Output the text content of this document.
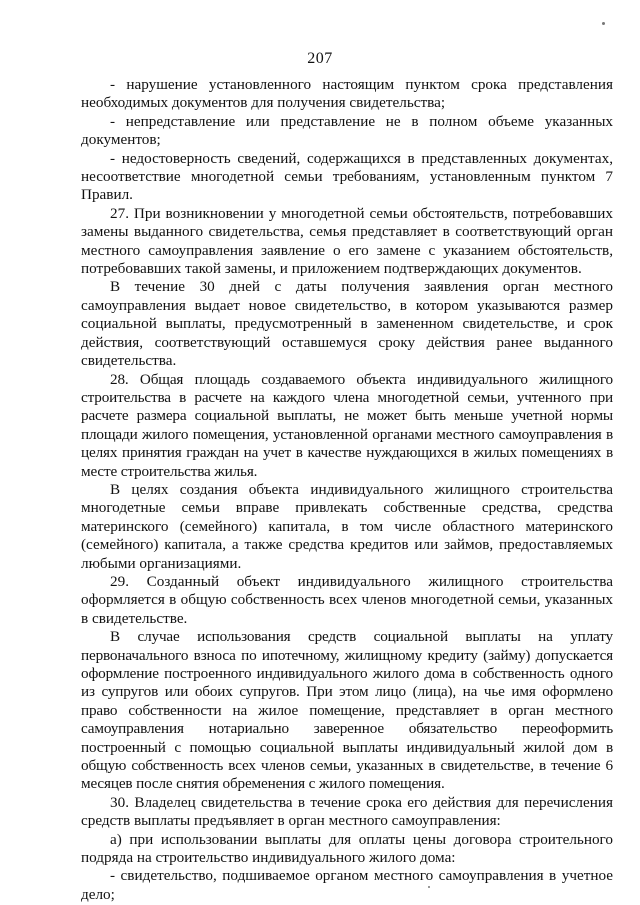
207

- нарушение установленного настоящим пунктом срока представления необходимых документов для получения свидетельства;

- непредставление или представление не в полном объеме указанных документов;

- недостоверность сведений, содержащихся в представленных документах, несоответствие многодетной семьи требованиям, установленным пунктом 7 Правил.

27. При возникновении у многодетной семьи обстоятельств, потребовавших замены выданного свидетельства, семья представляет в соответствующий орган местного самоуправления заявление о его замене с указанием обстоятельств, потребовавших такой замены, и приложением подтверждающих документов.

В течение 30 дней с даты получения заявления орган местного самоуправления выдает новое свидетельство, в котором указываются размер социальной выплаты, предусмотренный в замененном свидетельстве, и срок действия, соответствующий оставшемуся сроку действия ранее выданного свидетельства.

28. Общая площадь создаваемого объекта индивидуального жилищного строительства в расчете на каждого члена многодетной семьи, учтенного при расчете размера социальной выплаты, не может быть меньше учетной нормы площади жилого помещения, установленной органами местного самоуправления в целях принятия граждан на учет в качестве нуждающихся в жилых помещениях в месте строительства жилья.

В целях создания объекта индивидуального жилищного строительства многодетные семьи вправе привлекать собственные средства, средства материнского (семейного) капитала, в том числе областного материнского (семейного) капитала, а также средства кредитов или займов, предоставляемых любыми организациями.

29. Созданный объект индивидуального жилищного строительства оформляется в общую собственность всех членов многодетной семьи, указанных в свидетельстве.

В случае использования средств социальной выплаты на уплату первоначального взноса по ипотечному, жилищному кредиту (займу) допускается оформление построенного индивидуального жилого дома в собственность одного из супругов или обоих супругов. При этом лицо (лица), на чье имя оформлено право собственности на жилое помещение, представляет в орган местного самоуправления нотариально заверенное обязательство переоформить построенный с помощью социальной выплаты индивидуальный жилой дом в общую собственность всех членов семьи, указанных в свидетельстве, в течение 6 месяцев после снятия обременения с жилого помещения.

30. Владелец свидетельства в течение срока его действия для перечисления средств выплаты предъявляет в орган местного самоуправления:

а) при использовании выплаты для оплаты цены договора строительного подряда на строительство индивидуального жилого дома:

- свидетельство, подшиваемое органом местного самоуправления в учетное дело;
